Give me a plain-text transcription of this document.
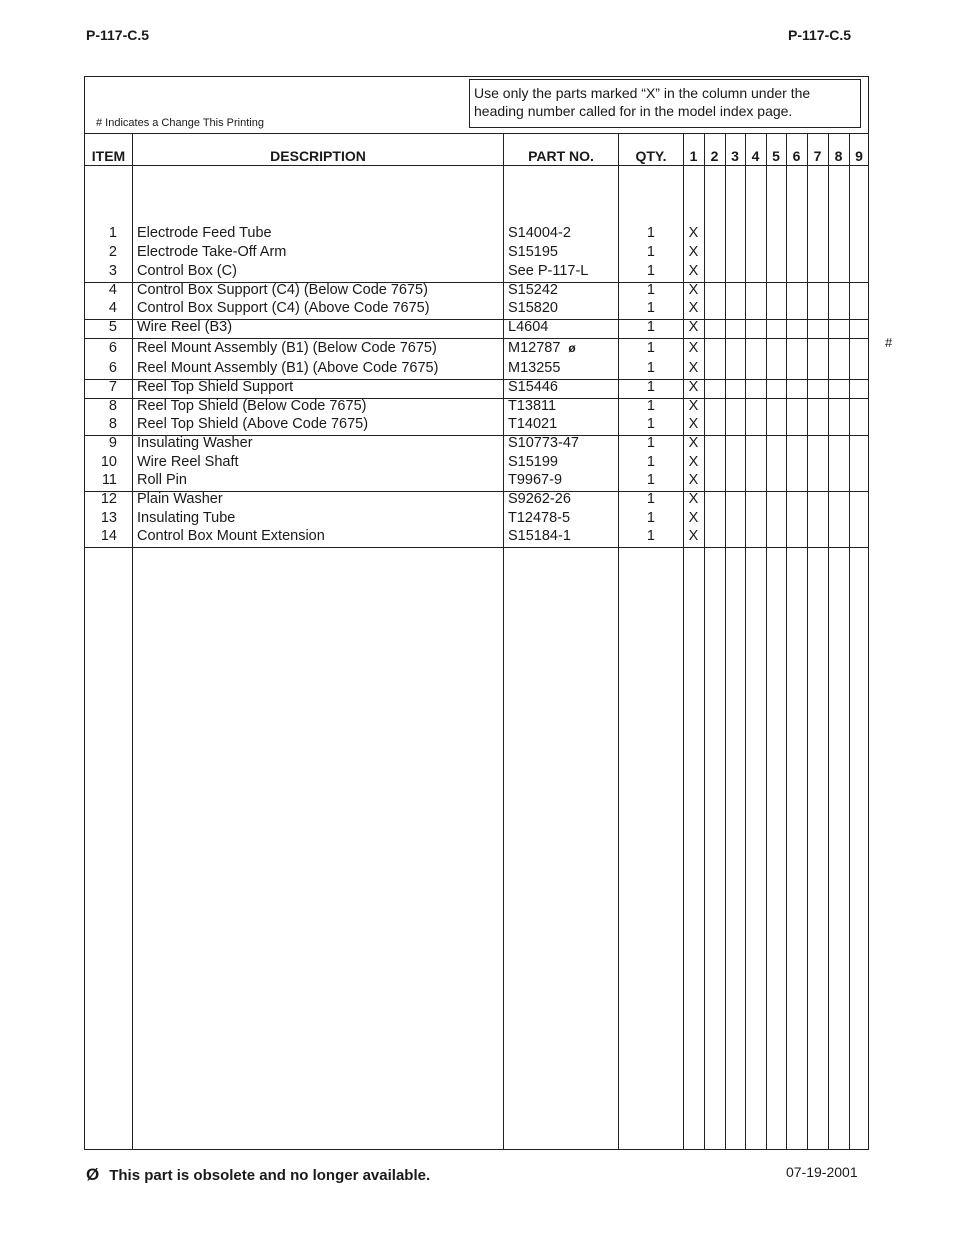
P-117-C.5	P-117-C.5
Use only the parts marked “X” in the column under the heading number called for in the model index page.
# Indicates a Change This Printing
ITEM	DESCRIPTION	PART NO.	QTY.	1 2 3 4 5 6 7 8 9
1 Electrode Feed Tube	S14004-2	1	X
2 Electrode Take-Off Arm	S15195	1	X
3 Control Box (C)	See P-117-L	1	X
4 Control Box Support (C4) (Below Code 7675)	S15242	1	X
4 Control Box Support (C4) (Above Code 7675)	S15820	1	X
5 Wire Reel (B3)	L4604	1	X
6 Reel Mount Assembly (B1) (Below Code 7675)	M12787 ø	1	X
6 Reel Mount Assembly (B1) (Above Code 7675)	M13255	1	X
7 Reel Top Shield Support	S15446	1	X
8 Reel Top Shield (Below Code 7675)	T13811	1	X
8 Reel Top Shield (Above Code 7675)	T14021	1	X
9 Insulating Washer	S10773-47	1	X
10 Wire Reel Shaft	S15199	1	X
11 Roll Pin	T9967-9	1	X
12 Plain Washer	S9262-26	1	X
13 Insulating Tube	T12478-5	1	X
14 Control Box Mount Extension	S15184-1	1	X
#
Ø This part is obsolete and no longer available.	07-19-2001
